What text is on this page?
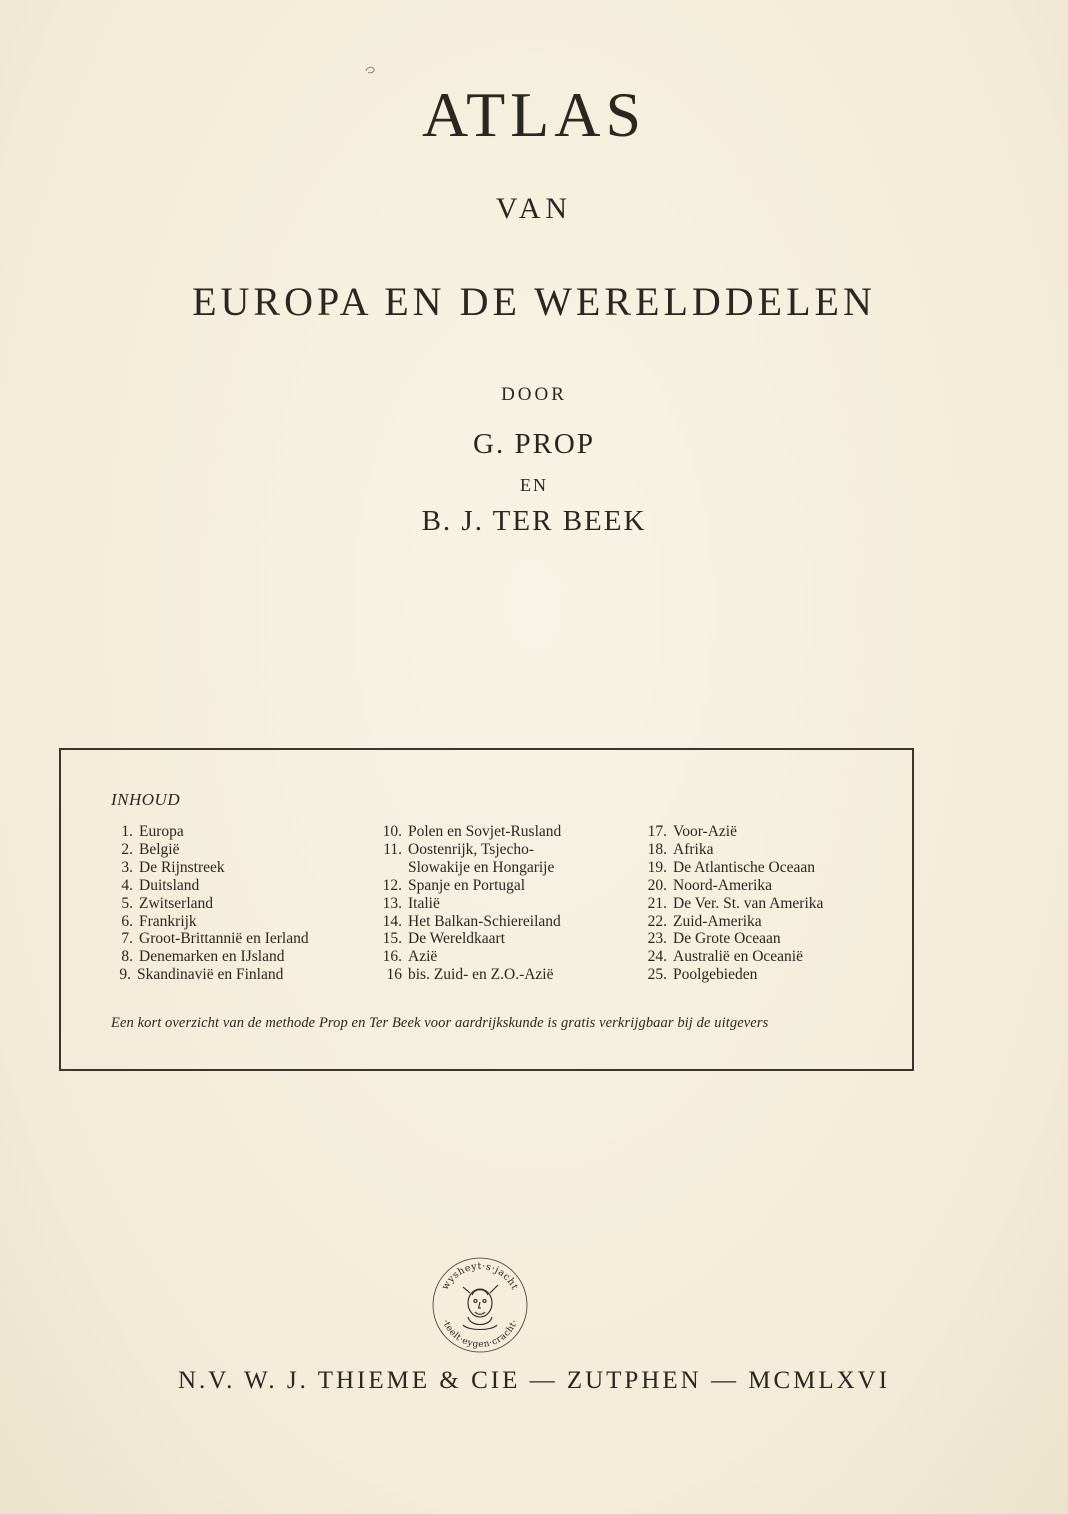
ATLAS
VAN
EUROPA EN DE WERELDDELEN
DOOR
G. PROP
EN
B. J. TER BEEK
INHOUD
1. Europa
2. België
3. De Rijnstreek
4. Duitsland
5. Zwitserland
6. Frankrijk
7. Groot-Brittannië en Ierland
8. Denemarken en IJsland
9. Skandinavië en Finland
10. Polen en Sovjet-Rusland
11. Oostenrijk, Tsjecho-
Slowakije en Hongarije
12. Spanje en Portugal
13. Italië
14. Het Balkan-Schiereiland
15. De Wereldkaart
16. Azië
16 bis. Zuid- en Z.O.-Azië
17. Voor-Azië
18. Afrika
19. De Atlantische Oceaan
20. Noord-Amerika
21. De Ver. St. van Amerika
22. Zuid-Amerika
23. De Grote Oceaan
24. Australië en Oceanië
25. Poolgebieden
Een kort overzicht van de methode Prop en Ter Beek voor aardrijkskunde is gratis verkrijgbaar bij de uitgevers
wysheyt·s·jacht
·teelt·eygen·cracht·
N.V. W. J. THIEME & CIE — ZUTPHEN — MCMLXVI
